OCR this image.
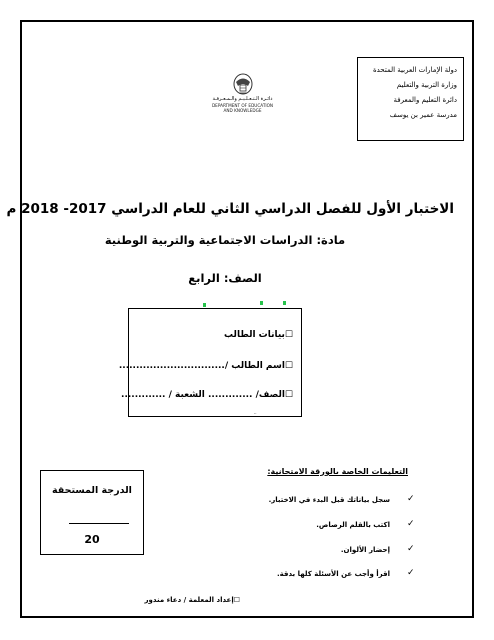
دولة الإمارات العربية المتحدة
وزارة التربية والتعليم
دائرة التعليم والمعرفة
مدرسة عمير بن يوسف
دائـرة الـتـعـلـيـم والـمـعـرفـة
DEPARTMENT OF EDUCATION
AND KNOWLEDGE
الاختبار الأول للفصل الدراسي الثاني للعام الدراسي 2017- 2018 م
مادة: الدراسات الاجتماعية والتربية الوطنية
الصف: الرابع
☐بيانات الطالب
☐اسم الطالب /...............................
☐الصف/ ............. الشعبة / .............
··
الدرجة المستحقة
20
التعليمات الخاصة بالورقة الامتحانية:
سجل بياناتك قبل البدء في الاختبار. ✓
اكتب بالقلم الرصاص. ✓
إحضار الألوان. ✓
اقرأ وأجب عن الأسئلة كلها بدقة. ✓
☐إعداد المعلمة / دعاء مندور
